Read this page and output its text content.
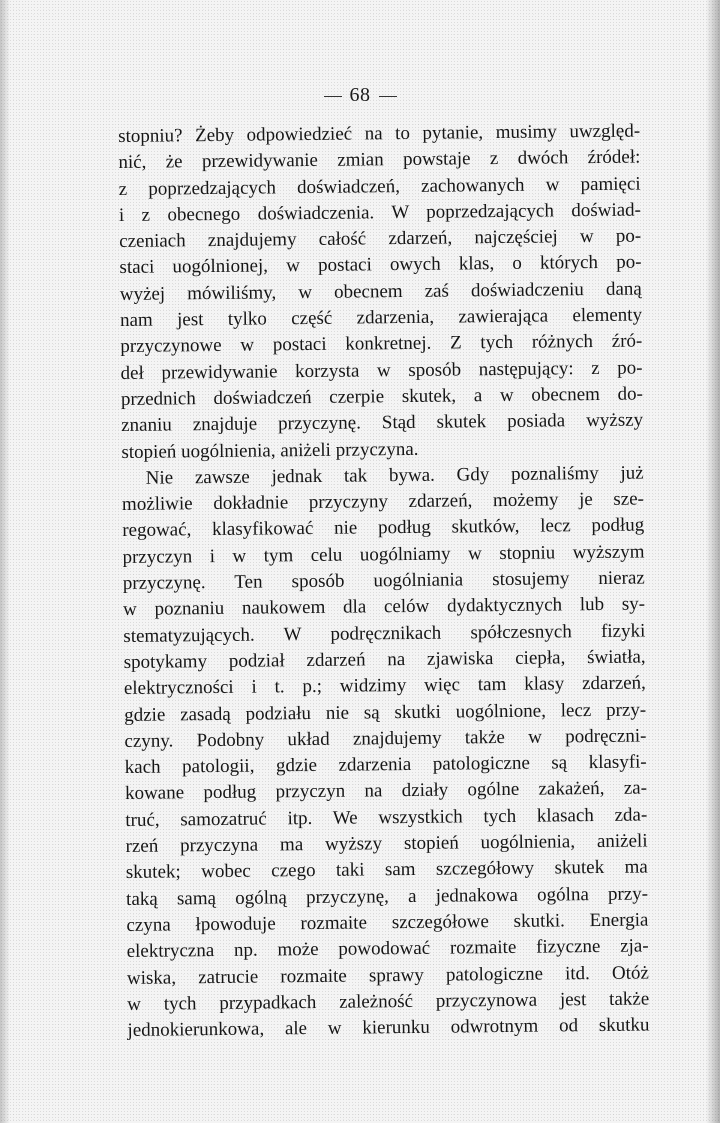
68
stopniu? Żeby odpowiedzieć na to pytanie, musimy uwzględ-
nić, że przewidywanie zmian powstaje z dwóch źródeł:
z poprzedzających doświadczeń, zachowanych w pamięci
i z obecnego doświadczenia. W poprzedzających doświad-
czeniach znajdujemy całość zdarzeń, najczęściej w po-
staci uogólnionej, w postaci owych klas, o których po-
wyżej mówiliśmy, w obecnem zaś doświadczeniu daną
nam jest tylko część zdarzenia, zawierająca elementy
przyczynowe w postaci konkretnej. Z tych różnych źró-
deł przewidywanie korzysta w sposób następujący: z po-
przednich doświadczeń czerpie skutek, a w obecnem do-
znaniu znajduje przyczynę. Stąd skutek posiada wyższy
stopień uogólnienia, aniżeli przyczyna.
Nie zawsze jednak tak bywa. Gdy poznaliśmy już
możliwie dokładnie przyczyny zdarzeń, możemy je sze-
regować, klasyfikować nie podług skutków, lecz podług
przyczyn i w tym celu uogólniamy w stopniu wyższym
przyczynę. Ten sposób uogólniania stosujemy nieraz
w poznaniu naukowem dla celów dydaktycznych lub sy-
stematyzujących. W podręcznikach spółczesnych fizyki
spotykamy podział zdarzeń na zjawiska ciepła, światła,
elektryczności i t. p.; widzimy więc tam klasy zdarzeń,
gdzie zasadą podziału nie są skutki uogólnione, lecz przy-
czyny. Podobny układ znajdujemy także w podręczni-
kach patologii, gdzie zdarzenia patologiczne są klasyfi-
kowane podług przyczyn na działy ogólne zakażeń, za-
truć, samozatruć itp. We wszystkich tych klasach zda-
rzeń przyczyna ma wyższy stopień uogólnienia, aniżeli
skutek; wobec czego taki sam szczegółowy skutek ma
taką samą ogólną przyczynę, a jednakowa ogólna przy-
czyna łpowoduje rozmaite szczegółowe skutki. Energia
elektryczna np. może powodować rozmaite fizyczne zja-
wiska, zatrucie rozmaite sprawy patologiczne itd. Otóż
w tych przypadkach zależność przyczynowa jest także
jednokierunkowa, ale w kierunku odwrotnym od skutku
